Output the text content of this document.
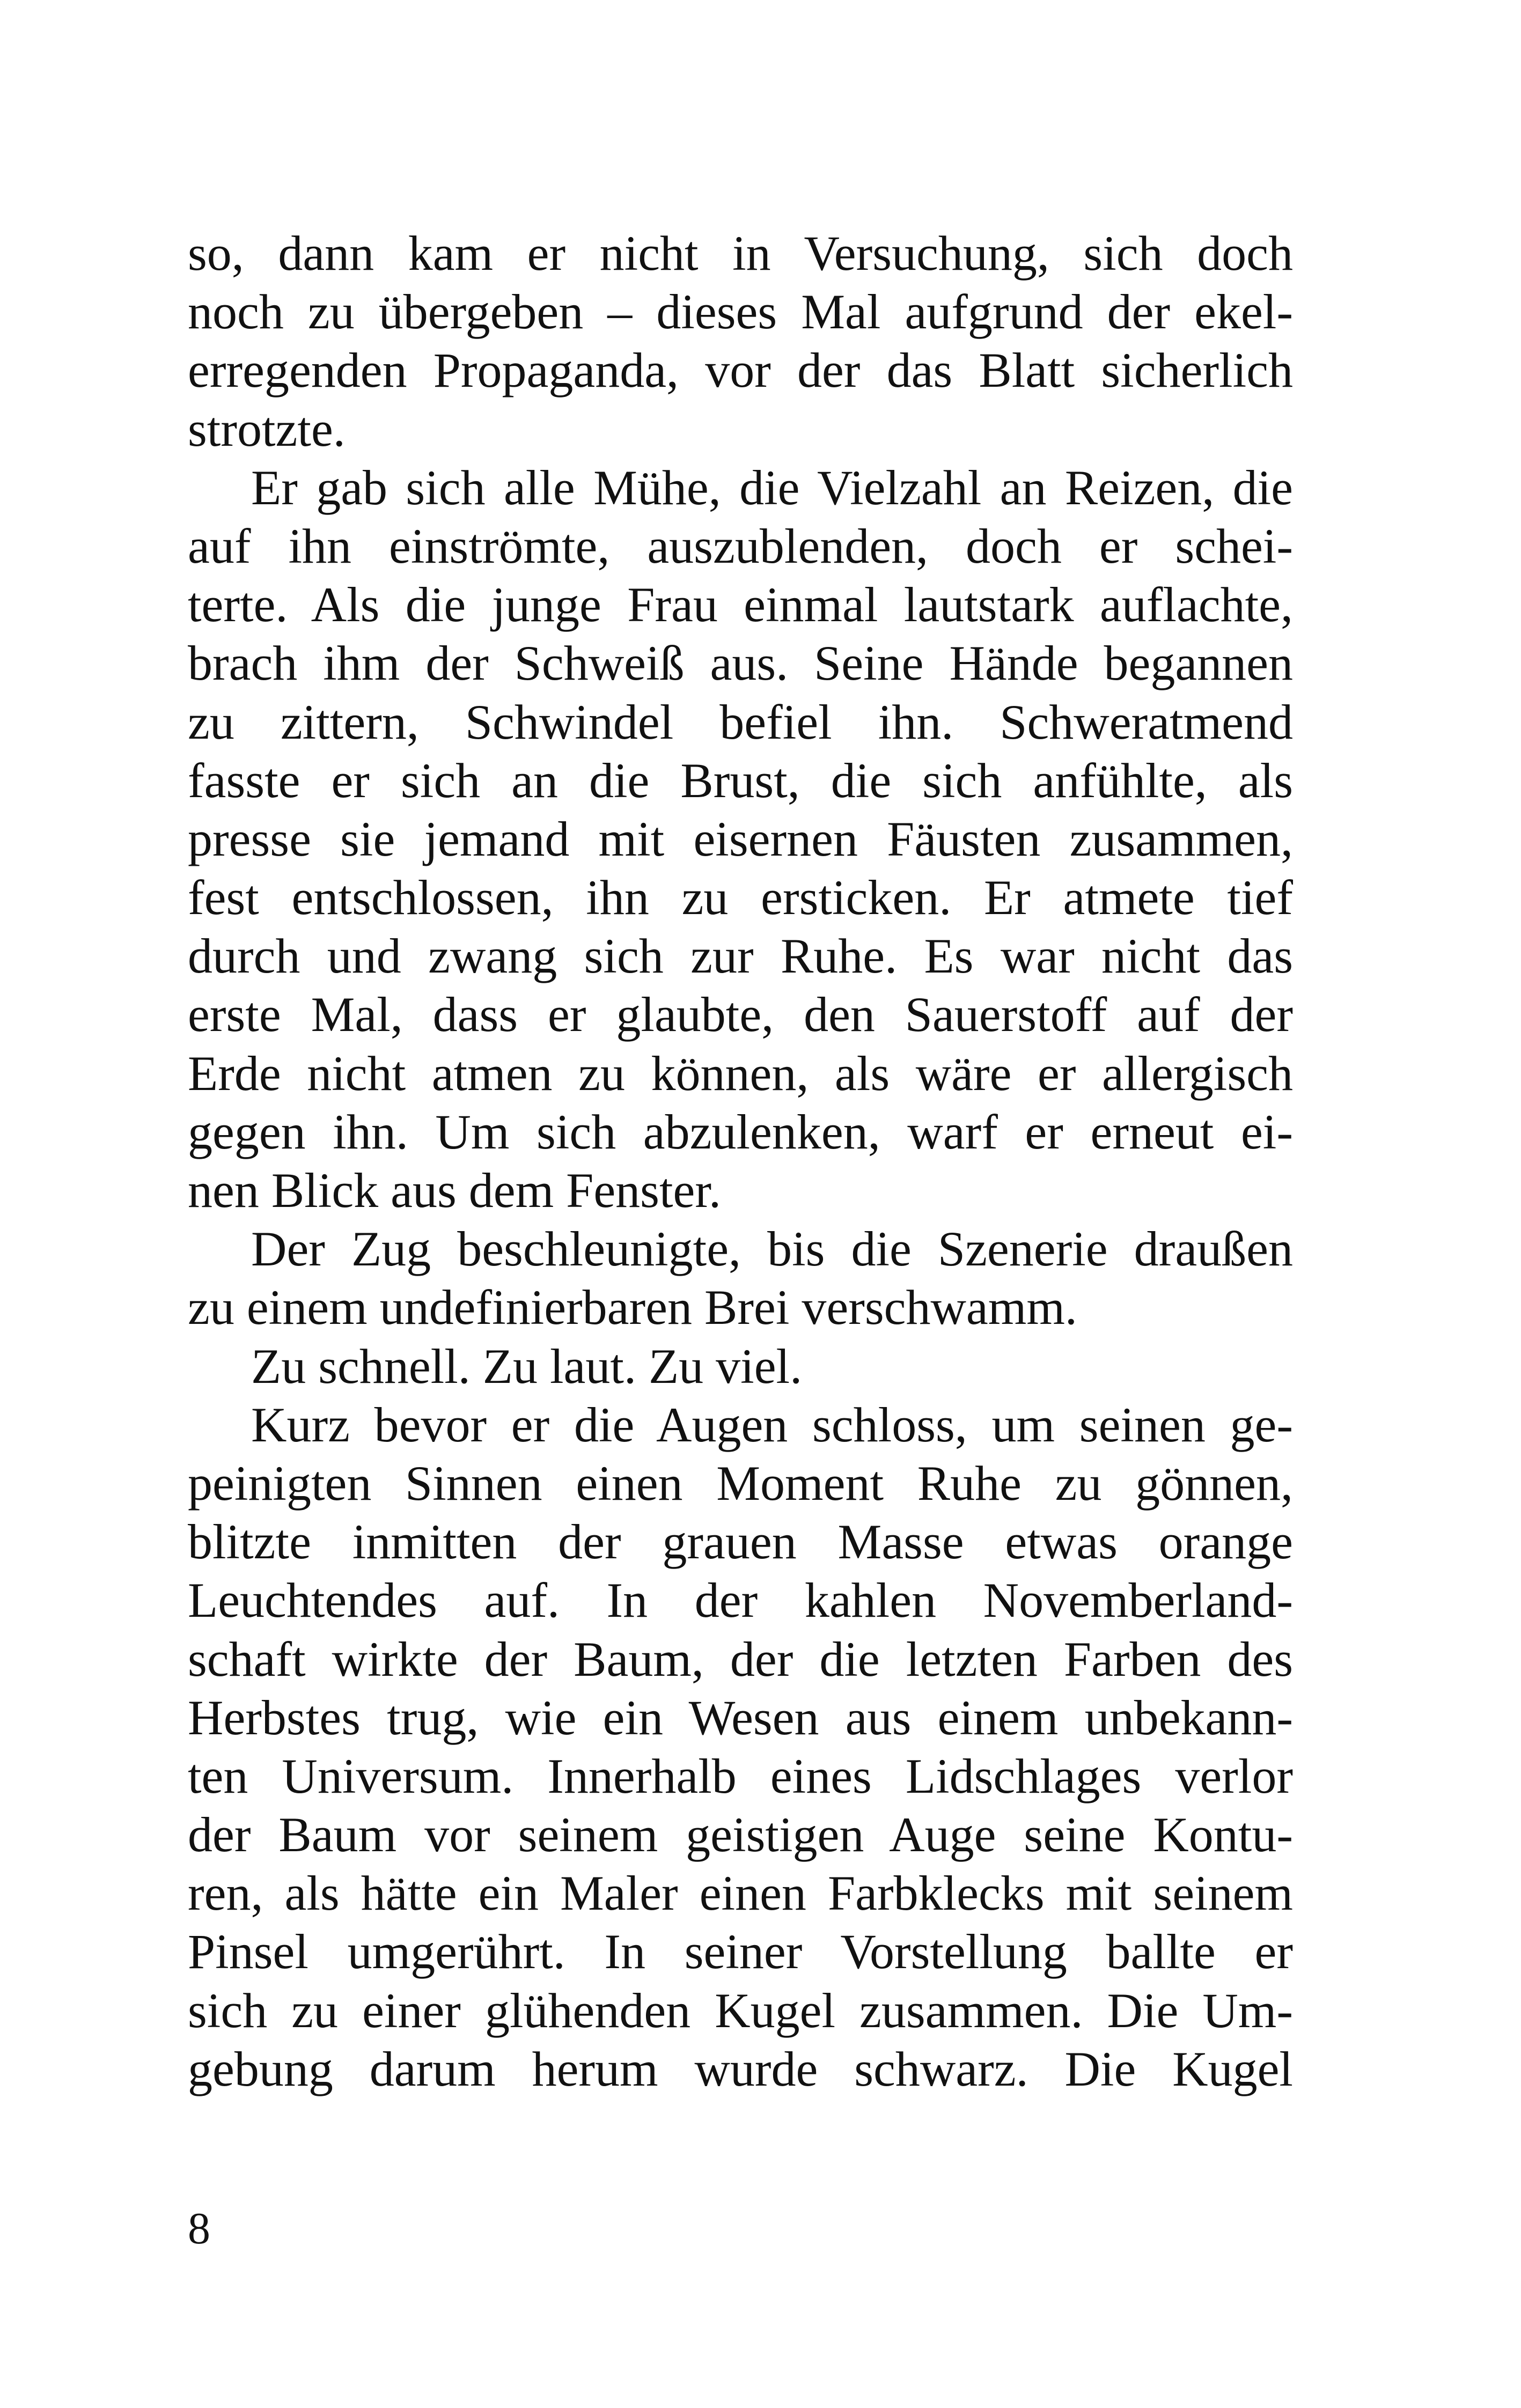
so, dann kam er nicht in Versuchung, sich doch
noch zu übergeben – dieses Mal aufgrund der ekel-
erregenden Propaganda, vor der das Blatt sicherlich
strotzte.
Er gab sich alle Mühe, die Vielzahl an Reizen, die
auf ihn einströmte, auszublenden, doch er schei-
terte. Als die junge Frau einmal lautstark auflachte,
brach ihm der Schweiß aus. Seine Hände begannen
zu zittern, Schwindel befiel ihn. Schweratmend
fasste er sich an die Brust, die sich anfühlte, als
presse sie jemand mit eisernen Fäusten zusammen,
fest entschlossen, ihn zu ersticken. Er atmete tief
durch und zwang sich zur Ruhe. Es war nicht das
erste Mal, dass er glaubte, den Sauerstoff auf der
Erde nicht atmen zu können, als wäre er allergisch
gegen ihn. Um sich abzulenken, warf er erneut ei-
nen Blick aus dem Fenster.
Der Zug beschleunigte, bis die Szenerie draußen
zu einem undefinierbaren Brei verschwamm.
Zu schnell. Zu laut. Zu viel.
Kurz bevor er die Augen schloss, um seinen ge-
peinigten Sinnen einen Moment Ruhe zu gönnen,
blitzte inmitten der grauen Masse etwas orange
Leuchtendes auf. In der kahlen Novemberland-
schaft wirkte der Baum, der die letzten Farben des
Herbstes trug, wie ein Wesen aus einem unbekann-
ten Universum. Innerhalb eines Lidschlages verlor
der Baum vor seinem geistigen Auge seine Kontu-
ren, als hätte ein Maler einen Farbklecks mit seinem
Pinsel umgerührt. In seiner Vorstellung ballte er
sich zu einer glühenden Kugel zusammen. Die Um-
gebung darum herum wurde schwarz. Die Kugel
8
